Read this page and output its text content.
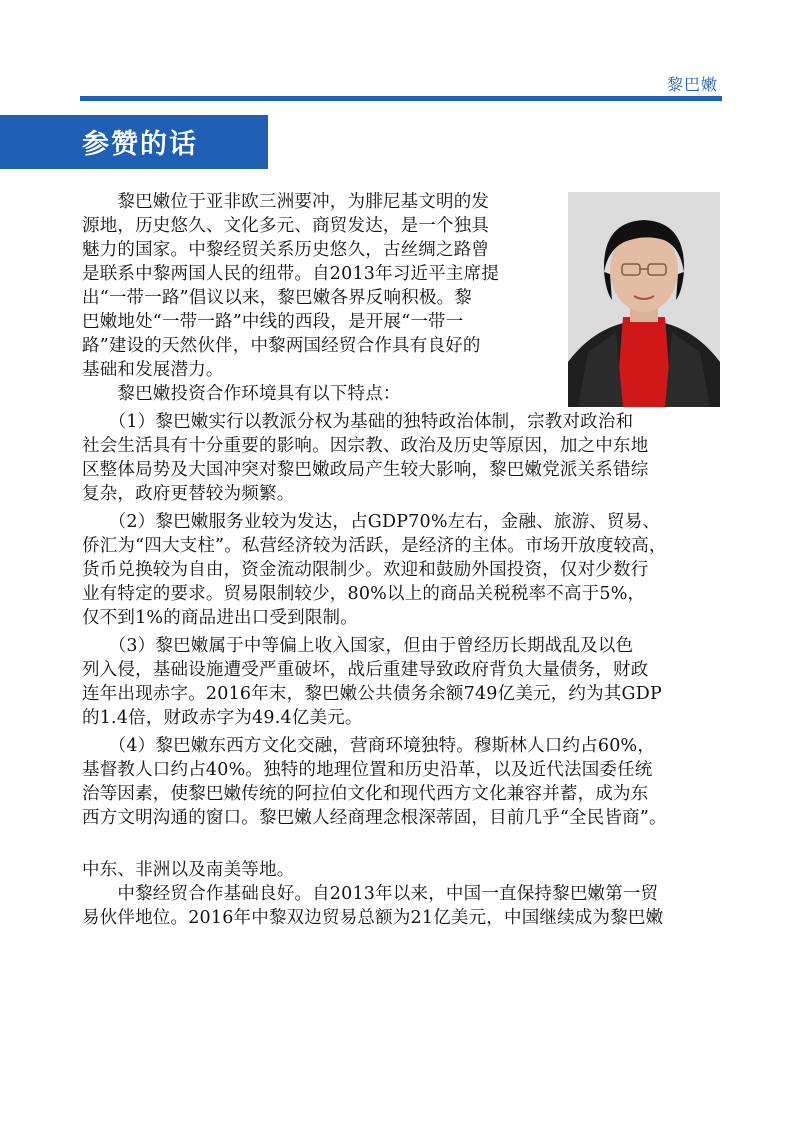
黎巴嫩
参赞的话
　　黎巴嫩位于亚非欧三洲要冲，为腓尼基文明的发
源地，历史悠久、文化多元、商贸发达，是一个独具
魅力的国家。中黎经贸关系历史悠久，古丝绸之路曾
是联系中黎两国人民的纽带。自2013年习近平主席提
出“一带一路”倡议以来，黎巴嫩各界反响积极。黎
巴嫩地处“一带一路”中线的西段，是开展“一带一
路”建设的天然伙伴，中黎两国经贸合作具有良好的
基础和发展潜力。
　　黎巴嫩投资合作环境具有以下特点：
　　（1）黎巴嫩实行以教派分权为基础的独特政治体制，宗教对政治和
社会生活具有十分重要的影响。因宗教、政治及历史等原因，加之中东地
区整体局势及大国冲突对黎巴嫩政局产生较大影响，黎巴嫩党派关系错综
复杂，政府更替较为频繁。
　　（2）黎巴嫩服务业较为发达，占GDP70%左右，金融、旅游、贸易、
侨汇为“四大支柱”。私营经济较为活跃，是经济的主体。市场开放度较高，
货币兑换较为自由，资金流动限制少。欢迎和鼓励外国投资，仅对少数行
业有特定的要求。贸易限制较少，80%以上的商品关税税率不高于5%，
仅不到1%的商品进出口受到限制。
　　（3）黎巴嫩属于中等偏上收入国家，但由于曾经历长期战乱及以色
列入侵，基础设施遭受严重破坏，战后重建导致政府背负大量债务，财政
连年出现赤字。2016年末，黎巴嫩公共债务余额749亿美元，约为其GDP
的1.4倍，财政赤字为49.4亿美元。
　　（4）黎巴嫩东西方文化交融，营商环境独特。穆斯林人口约占60%，
基督教人口约占40%。独特的地理位置和历史沿革，以及近代法国委任统
治等因素，使黎巴嫩传统的阿拉伯文化和现代西方文化兼容并蓄，成为东
西方文明沟通的窗口。黎巴嫩人经商理念根深蒂固，目前几乎“全民皆商”。
中东、非洲以及南美等地。
　　中黎经贸合作基础良好。自2013年以来，中国一直保持黎巴嫩第一贸
易伙伴地位。2016年中黎双边贸易总额为21亿美元，中国继续成为黎巴嫩
